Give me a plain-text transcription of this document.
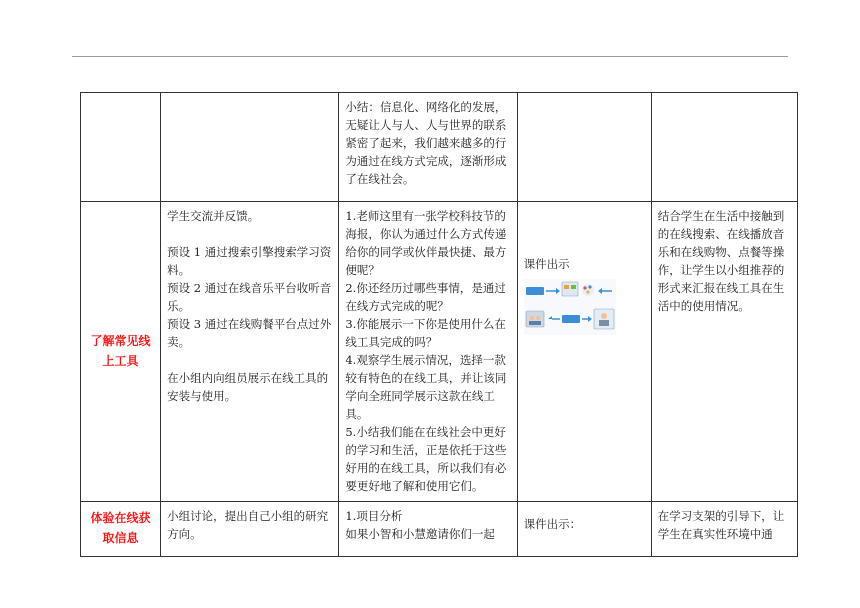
		小结：信息化、网络化的发展，无疑让人与人、人与世界的联系紧密了起来，我们越来越多的行为通过在线方式完成，逐渐形成了在线社会。		
了解常见线上工具	学生交流并反馈。
预设 1 通过搜索引擎搜索学习资料。
预设 2 通过在线音乐平台收听音乐。
预设 3 通过在线购餐平台点过外卖。
在小组内向组员展示在线工具的安装与使用。	1.老师这里有一张学校科技节的海报，你认为通过什么方式传递给你的同学或伙伴最快捷、最方便呢？
2.你还经历过哪些事情，是通过在线方式完成的呢？
3.你能展示一下你是使用什么在线工具完成的吗？
4.观察学生展示情况，选择一款较有特色的在线工具，并让该同学向全班同学展示这款在线工具。
5.小结我们能在在线社会中更好的学习和生活，正是依托于这些好用的在线工具，所以我们有必要更好地了解和使用它们。	课件出示	结合学生在生活中接触到的在线搜索、在线播放音乐和在线购物、点餐等操作，让学生以小组推荐的形式来汇报在线工具在生活中的使用情况。
体验在线获取信息	小组讨论，提出自己小组的研究方向。	1.项目分析
如果小智和小慧邀请你们一起	课件出示：	在学习支架的引导下，让学生在真实性环境中通
